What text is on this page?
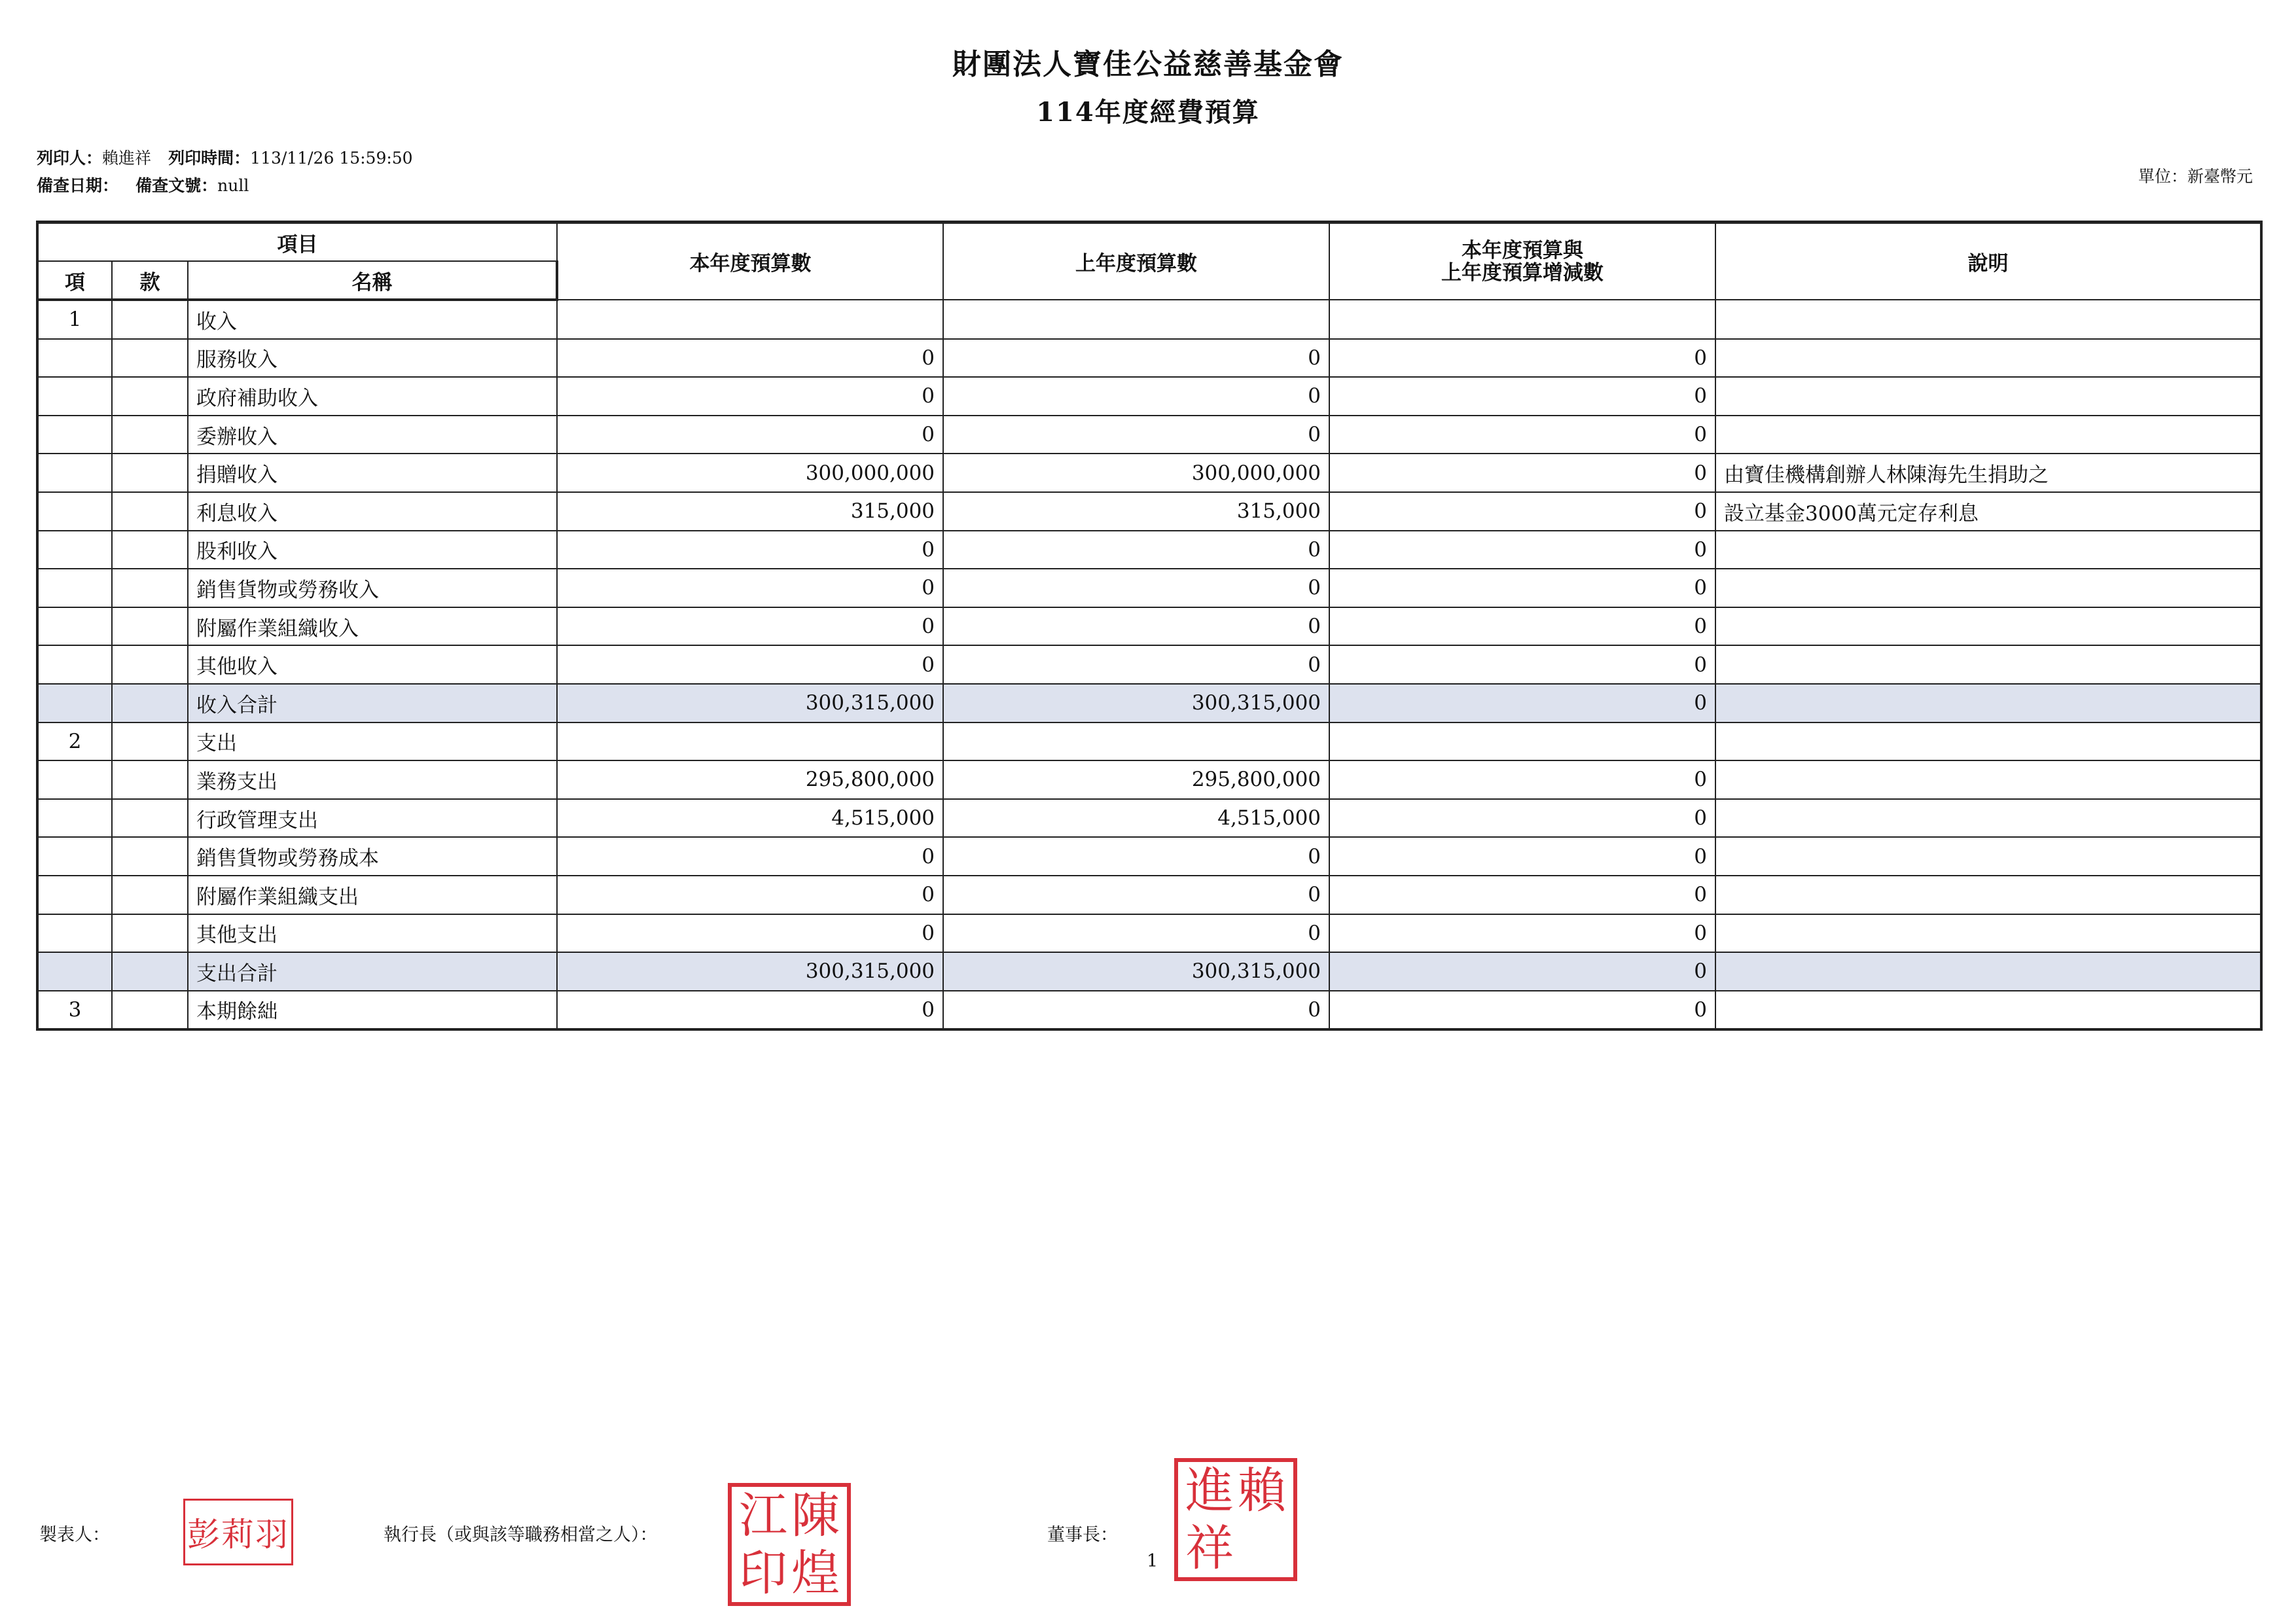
財團法人寶佳公益慈善基金會
114年度經費預算
列印人：賴進祥 列印時間：113/11/26 15:59:50
備查日期： 備查文號：null	單位：新臺幣元
項目			本年度預算數	上年度預算數	本年度預算與
上年度預算增減數	說明
項	款	名稱				
1		收入				
		服務收入	0	0	0	
		政府補助收入	0	0	0	
		委辦收入	0	0	0	
		捐贈收入	300,000,000	300,000,000	0	由寶佳機構創辦人林陳海先生捐助之
		利息收入	315,000	315,000	0	設立基金3000萬元定存利息
		股利收入	0	0	0	
		銷售貨物或勞務收入	0	0	0	
		附屬作業組織收入	0	0	0	
		其他收入	0	0	0	
		收入合計	300,315,000	300,315,000	0	
2		支出				
		業務支出	295,800,000	295,800,000	0	
		行政管理支出	4,515,000	4,515,000	0	
		銷售貨物或勞務成本	0	0	0	
		附屬作業組織支出	0	0	0	
		其他支出	0	0	0	
		支出合計	300,315,000	300,315,000	0	
3		本期餘絀	0	0	0	
製表人： 彭莉羽	執行長（或與該等職務相當之人）： 江 陳
印 煌
董事長：
進 賴
祥
1
